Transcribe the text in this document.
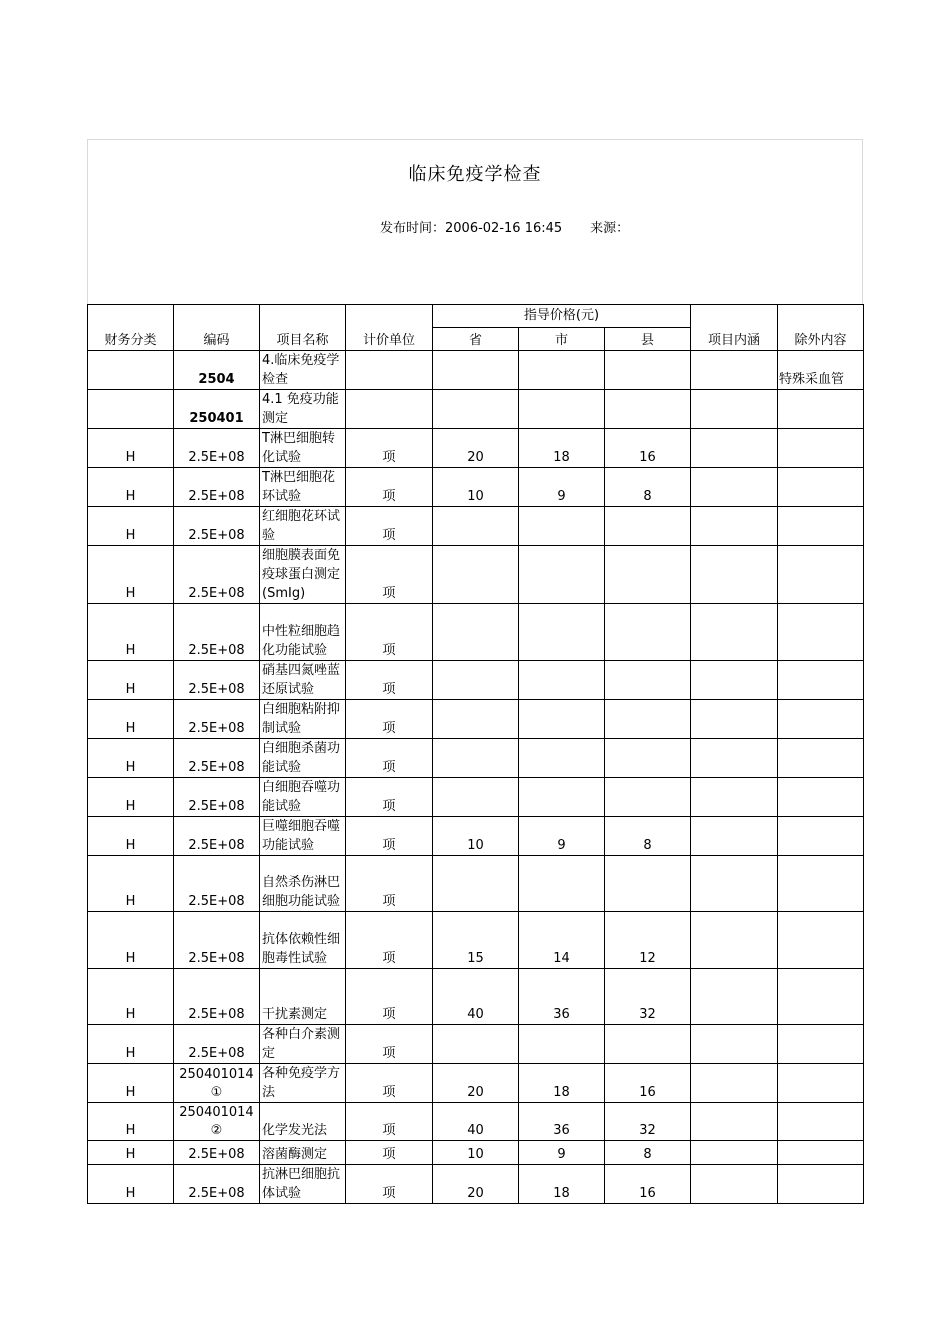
临床免疫学检查
发布时间：2006-02-16 16:45 来源：
财务分类	编码	项目名称	计价单位	指导价格(元)			项目内涵	除外内容
				省	市	县		
	2504	4.临床免疫学检查						特殊采血管
	250401	4.1 免疫功能测定						
H	2.5E+08	T淋巴细胞转化试验	项	20	18	16		
H	2.5E+08	T淋巴细胞花环试验	项	10	9	8		
H	2.5E+08	红细胞花环试验	项					
H	2.5E+08	细胞膜表面免疫球蛋白测定(SmIg)	项					
H	2.5E+08	中性粒细胞趋化功能试验	项					
H	2.5E+08	硝基四氮唑蓝还原试验	项					
H	2.5E+08	白细胞粘附抑制试验	项					
H	2.5E+08	白细胞杀菌功能试验	项					
H	2.5E+08	白细胞吞噬功能试验	项					
H	2.5E+08	巨噬细胞吞噬功能试验	项	10	9	8		
H	2.5E+08	自然杀伤淋巴细胞功能试验	项					
H	2.5E+08	抗体依赖性细胞毒性试验	项	15	14	12		
H	2.5E+08	干扰素测定	项	40	36	32		
H	2.5E+08	各种白介素测定	项					
H	250401014①	各种免疫学方法	项	20	18	16		
H	250401014②	化学发光法	项	40	36	32		
H	2.5E+08	溶菌酶测定	项	10	9	8		
H	2.5E+08	抗淋巴细胞抗体试验	项	20	18	16		
